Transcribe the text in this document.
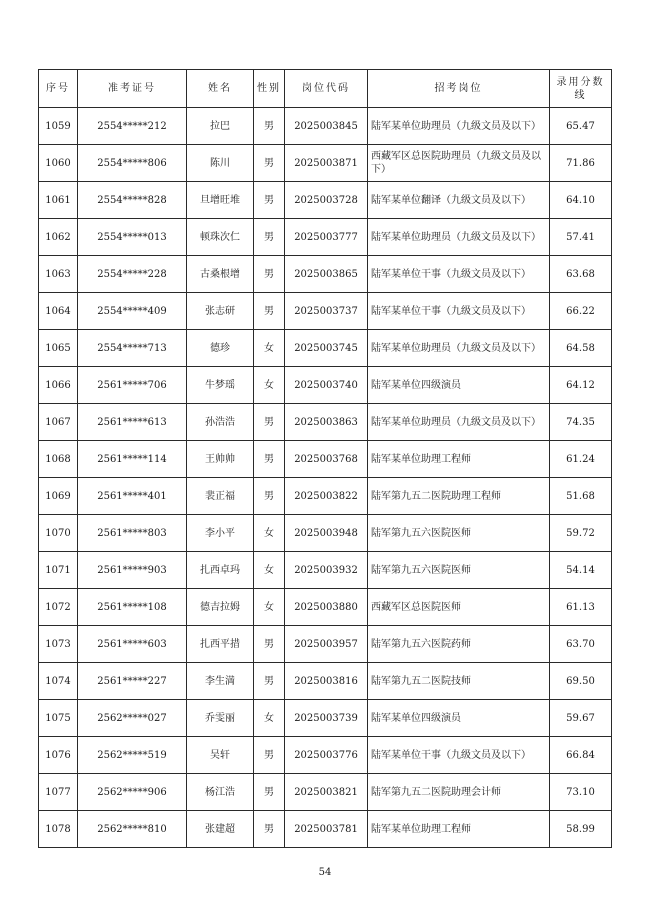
序号	准考证号	姓名	性别	岗位代码	招考岗位	录用分数线
1059	2554*****212	拉巴	男	2025003845	陆军某单位助理员（九级文员及以下）	65.47
1060	2554*****806	陈川	男	2025003871	西藏军区总医院助理员（九级文员及以下）	71.86
1061	2554*****828	旦增旺堆	男	2025003728	陆军某单位翻译（九级文员及以下）	64.10
1062	2554*****013	顿珠次仁	男	2025003777	陆军某单位助理员（九级文员及以下）	57.41
1063	2554*****228	古桑根增	男	2025003865	陆军某单位干事（九级文员及以下）	63.68
1064	2554*****409	张志研	男	2025003737	陆军某单位干事（九级文员及以下）	66.22
1065	2554*****713	德珍	女	2025003745	陆军某单位助理员（九级文员及以下）	64.58
1066	2561*****706	牛梦瑶	女	2025003740	陆军某单位四级演员	64.12
1067	2561*****613	孙浩浩	男	2025003863	陆军某单位助理员（九级文员及以下）	74.35
1068	2561*****114	王帅帅	男	2025003768	陆军某单位助理工程师	61.24
1069	2561*****401	裴正福	男	2025003822	陆军第九五二医院助理工程师	51.68
1070	2561*****803	李小平	女	2025003948	陆军第九五六医院医师	59.72
1071	2561*****903	扎西卓玛	女	2025003932	陆军第九五六医院医师	54.14
1072	2561*****108	德吉拉姆	女	2025003880	西藏军区总医院医师	61.13
1073	2561*****603	扎西平措	男	2025003957	陆军第九五六医院药师	63.70
1074	2561*****227	李生満	男	2025003816	陆军第九五二医院技师	69.50
1075	2562*****027	乔雯丽	女	2025003739	陆军某单位四级演员	59.67
1076	2562*****519	吴轩	男	2025003776	陆军某单位干事（九级文员及以下）	66.84
1077	2562*****906	杨江浩	男	2025003821	陆军第九五二医院助理会计师	73.10
1078	2562*****810	张建超	男	2025003781	陆军某单位助理工程师	58.99
54
